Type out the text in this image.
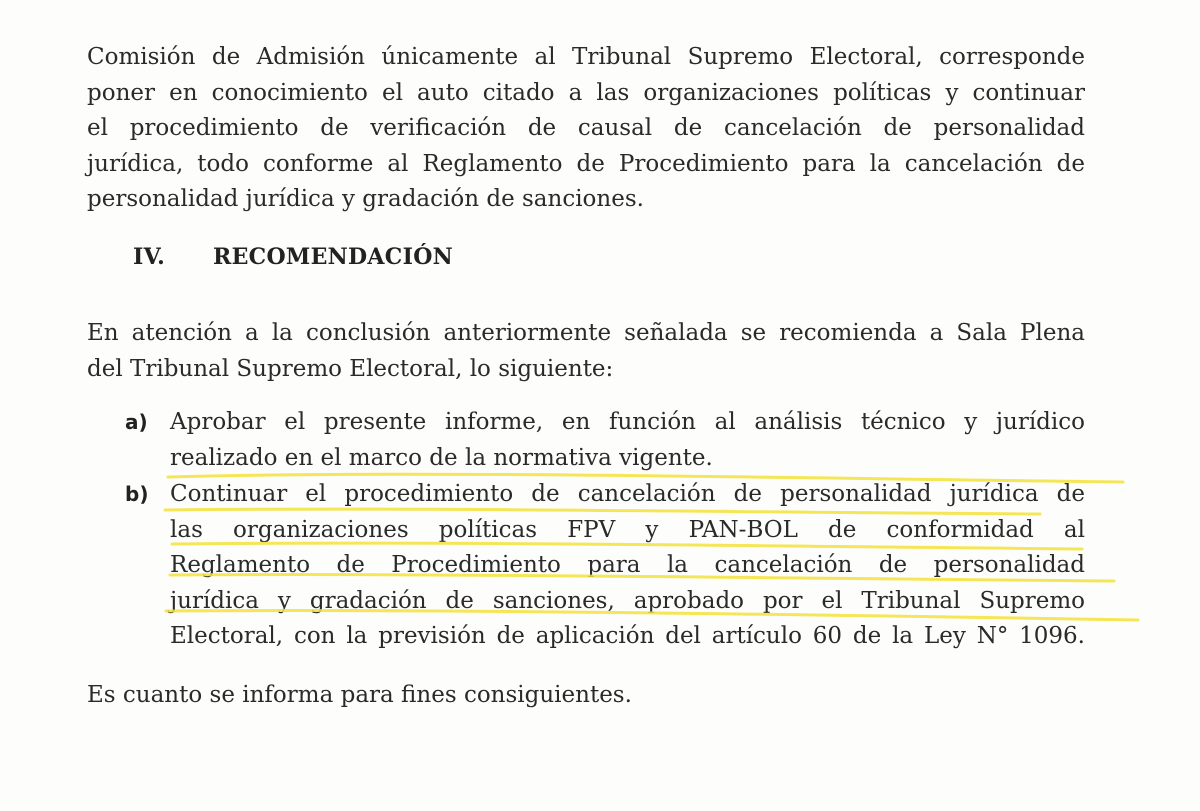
Comisión de Admisión únicamente al Tribunal Supremo Electoral, corresponde
poner en conocimiento el auto citado a las organizaciones políticas y continuar
el procedimiento de verificación de causal de cancelación de personalidad
jurídica, todo conforme al Reglamento de Procedimiento para la cancelación de
personalidad jurídica y gradación de sanciones.
IV. RECOMENDACIÓN
En atención a la conclusión anteriormente señalada se recomienda a Sala Plena
del Tribunal Supremo Electoral, lo siguiente:
a) Aprobar el presente informe, en función al análisis técnico y jurídico
realizado en el marco de la normativa vigente.
b) Continuar el procedimiento de cancelación de personalidad jurídica de
las organizaciones políticas FPV y PAN-BOL de conformidad al
Reglamento de Procedimiento para la cancelación de personalidad
jurídica y gradación de sanciones, aprobado por el Tribunal Supremo
Electoral, con la previsión de aplicación del artículo 60 de la Ley N° 1096.
Es cuanto se informa para fines consiguientes.
